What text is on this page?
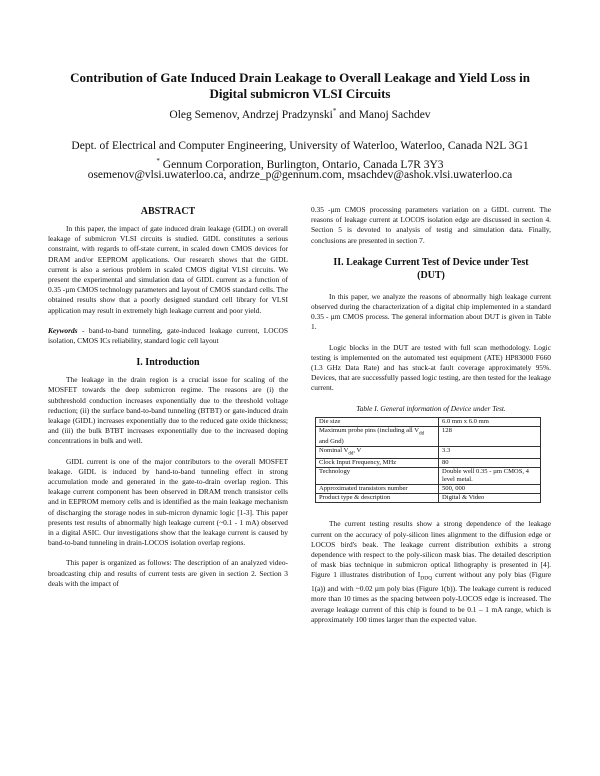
Contribution of Gate Induced Drain Leakage to Overall Leakage and Yield Loss in
Digital submicron VLSI Circuits
Oleg Semenov, Andrzej Pradzynski* and Manoj Sachdev
Dept. of Electrical and Computer Engineering, University of Waterloo, Waterloo, Canada N2L 3G1
* Gennum Corporation, Burlington, Ontario, Canada L7R 3Y3
osemenov@vlsi.uwaterloo.ca, andrze_p@gennum.com, msachdev@ashok.vlsi.uwaterloo.ca
ABSTRACT

In this paper, the impact of gate induced drain leakage (GIDL) on overall leakage of submicron VLSI circuits is studied. GIDL constitutes a serious constraint, with regards to off-state current, in scaled down CMOS devices for DRAM and/or EEPROM applications. Our research shows that the GIDL current is also a serious problem in scaled CMOS digital VLSI circuits. We present the experimental and simulation data of GIDL current as a function of 0.35 -µm CMOS technology parameters and layout of CMOS standard cells. The obtained results show that a poorly designed standard cell library for VLSI application may result in extremely high leakage current and poor yield.

Keywords - band-to-band tunneling, gate-induced leakage current, LOCOS isolation, CMOS ICs reliability, standard logic cell layout

I. Introduction

The leakage in the drain region is a crucial issue for scaling of the MOSFET towards the deep submicron regime. The reasons are (i) the subthreshold conduction increases exponentially due to the threshold voltage reduction; (ii) the surface band-to-band tunneling (BTBT) or gate-induced drain leakage (GIDL) increases exponentially due to the reduced gate oxide thickness; and (iii) the bulk BTBT increases exponentially due to the increased doping concentrations in bulk and well.

GIDL current is one of the major contributors to the overall MOSFET leakage. GIDL is induced by hand-to-band tunneling effect in strong accumulation mode and generated in the gate-to-drain overlap region. This leakage current component has been observed in DRAM trench transistor cells and in EEPROM memory cells and is identified as the main leakage mechanism of discharging the storage nodes in sub-micron dynamic logic [1-3]. This paper presents test results of abnormally high leakage current (~0.1 - 1 mA) observed in a digital ASIC. Our investigations show that the leakage current is caused by band-to-band tunneling in drain-LOCOS isolation overlap regions.

This paper is organized as follows: The description of an analyzed video-broadcasting chip and results of current tests are given in section 2. Section 3 deals with the impact of

0.35 -µm CMOS processing parameters variation on a GIDL current. The reasons of leakage current at LOCOS isolation edge are discussed in section 4. Section 5 is devoted to analysis of testig and simulation data. Finally, conclusions are presented in section 7.

II. Leakage Current Test of Device under Test
(DUT)

In this paper, we analyze the reasons of abnormally high leakage current observed during the characterization of a digital chip implemented in a standard 0.35 - µm CMOS process. The general information about DUT is given in Table 1.

Logic blocks in the DUT are tested with full scan methodology. Logic testing is implemented on the automated test equipment (ATE) HP83000 F660 (1.3 GHz Data Rate) and has stuck-at fault coverage approximately 95%. Devices, that are successfully passed logic testing, are then tested for the leakage current.

Table I. General information of Device under Test.

Die size	6.0 mm x 6.0 mm
Maximum probe pins (including all $V_{dd}$ and Gnd)	128
Nominal $V_{dd}$, V	3.3
Clock Input Frequency, MHz	80
Technology	Double well 0.35 - µm CMOS, 4 level metal.
Approximated transistors number	500, 000
Product type & description	Digital & Video

The current testing results show a strong dependence of the leakage current on the accuracy of poly-silicon lines alignment to the diffusion edge or LOCOS bird's beak. The leakage current distribution exhibits a strong dependence with respect to the poly-silicon mask bias. The detailed description of mask bias technique in submicron optical lithography is presented in [4]. Figure 1 illustrates distribution of $I_{DDQ}$ current without any poly bias (Figure 1(a)) and with ~0.02 µm poly bias (Figure 1(b)). The leakage current is reduced more than 10 times as the spacing between poly-LOCOS edge is increased. The average leakage current of this chip is found to be 0.1 – 1 mA range, which is approximately 100 times larger than the expected value.
